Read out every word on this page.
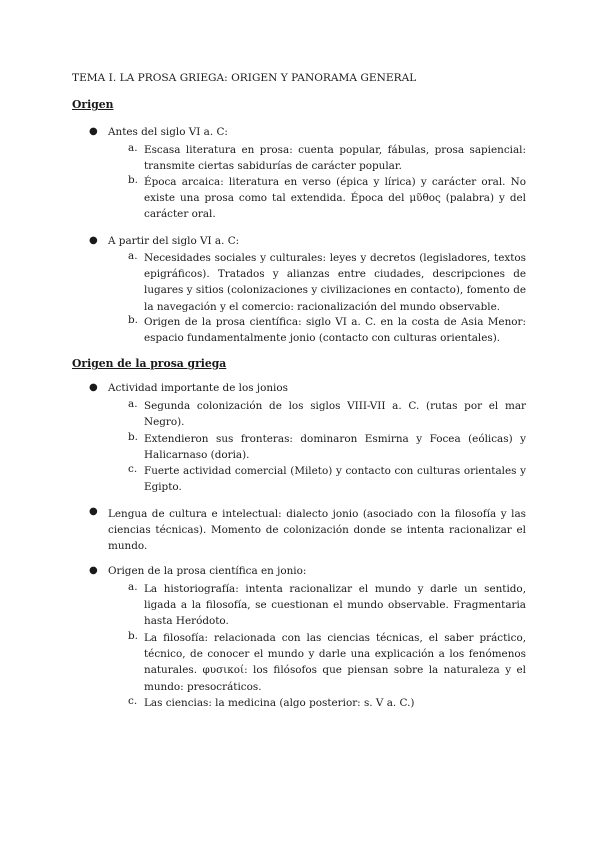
TEMA I. LA PROSA GRIEGA: ORIGEN Y PANORAMA GENERAL
Origen
● Antes del siglo VI a. C:
a. Escasa literatura en prosa: cuenta popular, fábulas, prosa sapiencial: transmite ciertas sabidurías de carácter popular.
b. Época arcaica: literatura en verso (épica y lírica) y carácter oral. No existe una prosa como tal extendida. Época del μῦθος (palabra) y del carácter oral.
● A partir del siglo VI a. C:
a. Necesidades sociales y culturales: leyes y decretos (legisladores, textos epigráficos). Tratados y alianzas entre ciudades, descripciones de lugares y sitios (colonizaciones y civilizaciones en contacto), fomento de la navegación y el comercio: racionalización del mundo observable.
b. Origen de la prosa científica: siglo VI a. C. en la costa de Asia Menor: espacio fundamentalmente jonio (contacto con culturas orientales).
Origen de la prosa griega
● Actividad importante de los jonios
a. Segunda colonización de los siglos VIII-VII a. C. (rutas por el mar Negro).
b. Extendieron sus fronteras: dominaron Esmirna y Focea (eólicas) y Halicarnaso (doria).
c. Fuerte actividad comercial (Mileto) y contacto con culturas orientales y Egipto.
● Lengua de cultura e intelectual: dialecto jonio (asociado con la filosofía y las ciencias técnicas). Momento de colonización donde se intenta racionalizar el mundo.
● Origen de la prosa científica en jonio:
a. La historiografía: intenta racionalizar el mundo y darle un sentido, ligada a la filosofía, se cuestionan el mundo observable. Fragmentaria hasta Heródoto.
b. La filosofía: relacionada con las ciencias técnicas, el saber práctico, técnico, de conocer el mundo y darle una explicación a los fenómenos naturales. φυσικοί: los filósofos que piensan sobre la naturaleza y el mundo: presocráticos.
c. Las ciencias: la medicina (algo posterior: s. V a. C.)
